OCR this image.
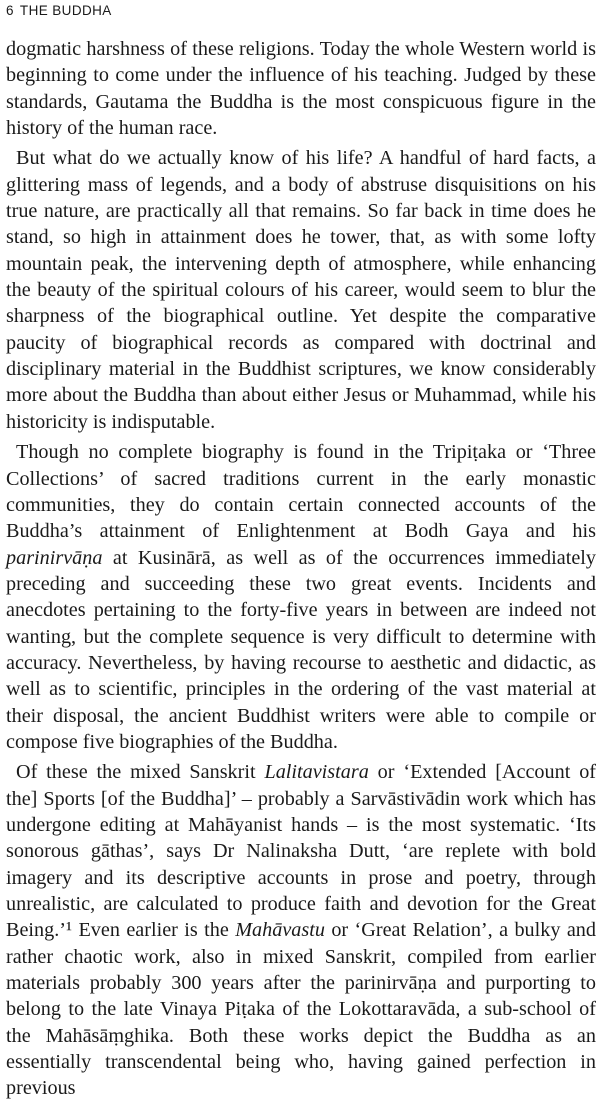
6 THE BUDDHA

dogmatic harshness of these religions. Today the whole Western world is beginning to come under the influence of his teaching. Judged by these standards, Gautama the Buddha is the most conspicuous figure in the history of the human race.

But what do we actually know of his life? A handful of hard facts, a glittering mass of legends, and a body of abstruse disquisitions on his true nature, are practically all that remains. So far back in time does he stand, so high in attainment does he tower, that, as with some lofty mountain peak, the intervening depth of atmosphere, while enhancing the beauty of the spiritual colours of his career, would seem to blur the sharpness of the biographical outline. Yet despite the comparative paucity of biographical records as compared with doctrinal and disciplinary material in the Buddhist scriptures, we know considerably more about the Buddha than about either Jesus or Muhammad, while his historicity is indisputable.

Though no complete biography is found in the Tripiṭaka or ‘Three Collections’ of sacred traditions current in the early monastic communities, they do contain certain connected accounts of the Buddha’s attainment of Enlightenment at Bodh Gaya and his parinirvāṇa at Kusinārā, as well as of the occurrences immediately preceding and succeeding these two great events. Incidents and anecdotes pertaining to the forty-five years in between are indeed not wanting, but the complete sequence is very difficult to determine with accuracy. Nevertheless, by having recourse to aesthetic and didactic, as well as to scientific, principles in the ordering of the vast material at their disposal, the ancient Buddhist writers were able to compile or compose five biographies of the Buddha.

Of these the mixed Sanskrit Lalitavistara or ‘Extended [Account of the] Sports [of the Buddha]’ – probably a Sarvāstivādin work which has undergone editing at Mahāyanist hands – is the most systematic. ‘Its sonorous gāthas’, says Dr Nalinaksha Dutt, ‘are replete with bold imagery and its descriptive accounts in prose and poetry, through unrealistic, are calculated to produce faith and devotion for the Great Being.’¹ Even earlier is the Mahāvastu or ‘Great Relation’, a bulky and rather chaotic work, also in mixed Sanskrit, compiled from earlier materials probably 300 years after the parinirvāṇa and purporting to belong to the late Vinaya Piṭaka of the Lokottaravāda, a sub-school of the Mahāsāṃghika. Both these works depict the Buddha as an essentially transcendental being who, having gained perfection in previous
